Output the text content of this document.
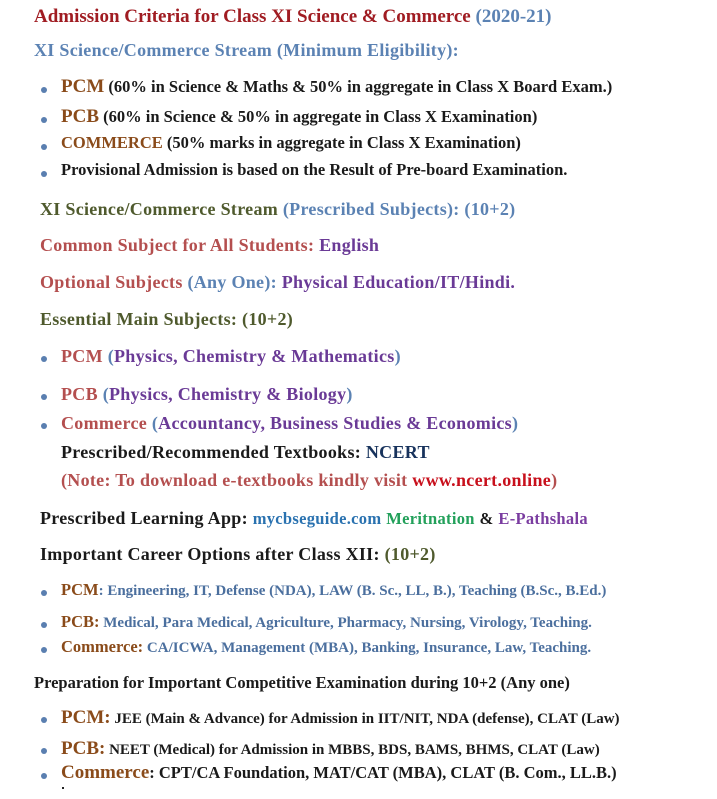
Admission Criteria for Class XI Science & Commerce (2020-21)
XI Science/Commerce Stream (Minimum Eligibility):
PCM (60% in Science & Maths & 50% in aggregate in Class X Board Exam.)
PCB (60% in Science & 50% in aggregate in Class X Examination)
COMMERCE (50% marks in aggregate in Class X Examination)
Provisional Admission is based on the Result of Pre-board Examination.
XI Science/Commerce Stream (Prescribed Subjects): (10+2)
Common Subject for All Students: English
Optional Subjects (Any One): Physical Education/IT/Hindi.
Essential Main Subjects: (10+2)
PCM (Physics, Chemistry & Mathematics)
PCB (Physics, Chemistry & Biology)
Commerce (Accountancy, Business Studies & Economics)
Prescribed/Recommended Textbooks: NCERT
(Note: To download e-textbooks kindly visit www.ncert.online)
Prescribed Learning App: mycbseguide.com Meritnation & E-Pathshala
Important Career Options after Class XII: (10+2)
PCM: Engineering, IT, Defense (NDA), LAW (B. Sc., LL, B.), Teaching (B.Sc., B.Ed.)
PCB: Medical, Para Medical, Agriculture, Pharmacy, Nursing, Virology, Teaching.
Commerce: CA/ICWA, Management (MBA), Banking, Insurance, Law, Teaching.
Preparation for Important Competitive Examination during 10+2 (Any one)
PCM: JEE (Main & Advance) for Admission in IIT/NIT, NDA (defense), CLAT (Law)
PCB: NEET (Medical) for Admission in MBBS, BDS, BAMS, BHMS, CLAT (Law)
Commerce: CPT/CA Foundation, MAT/CAT (MBA), CLAT (B. Com., LL.B.)
